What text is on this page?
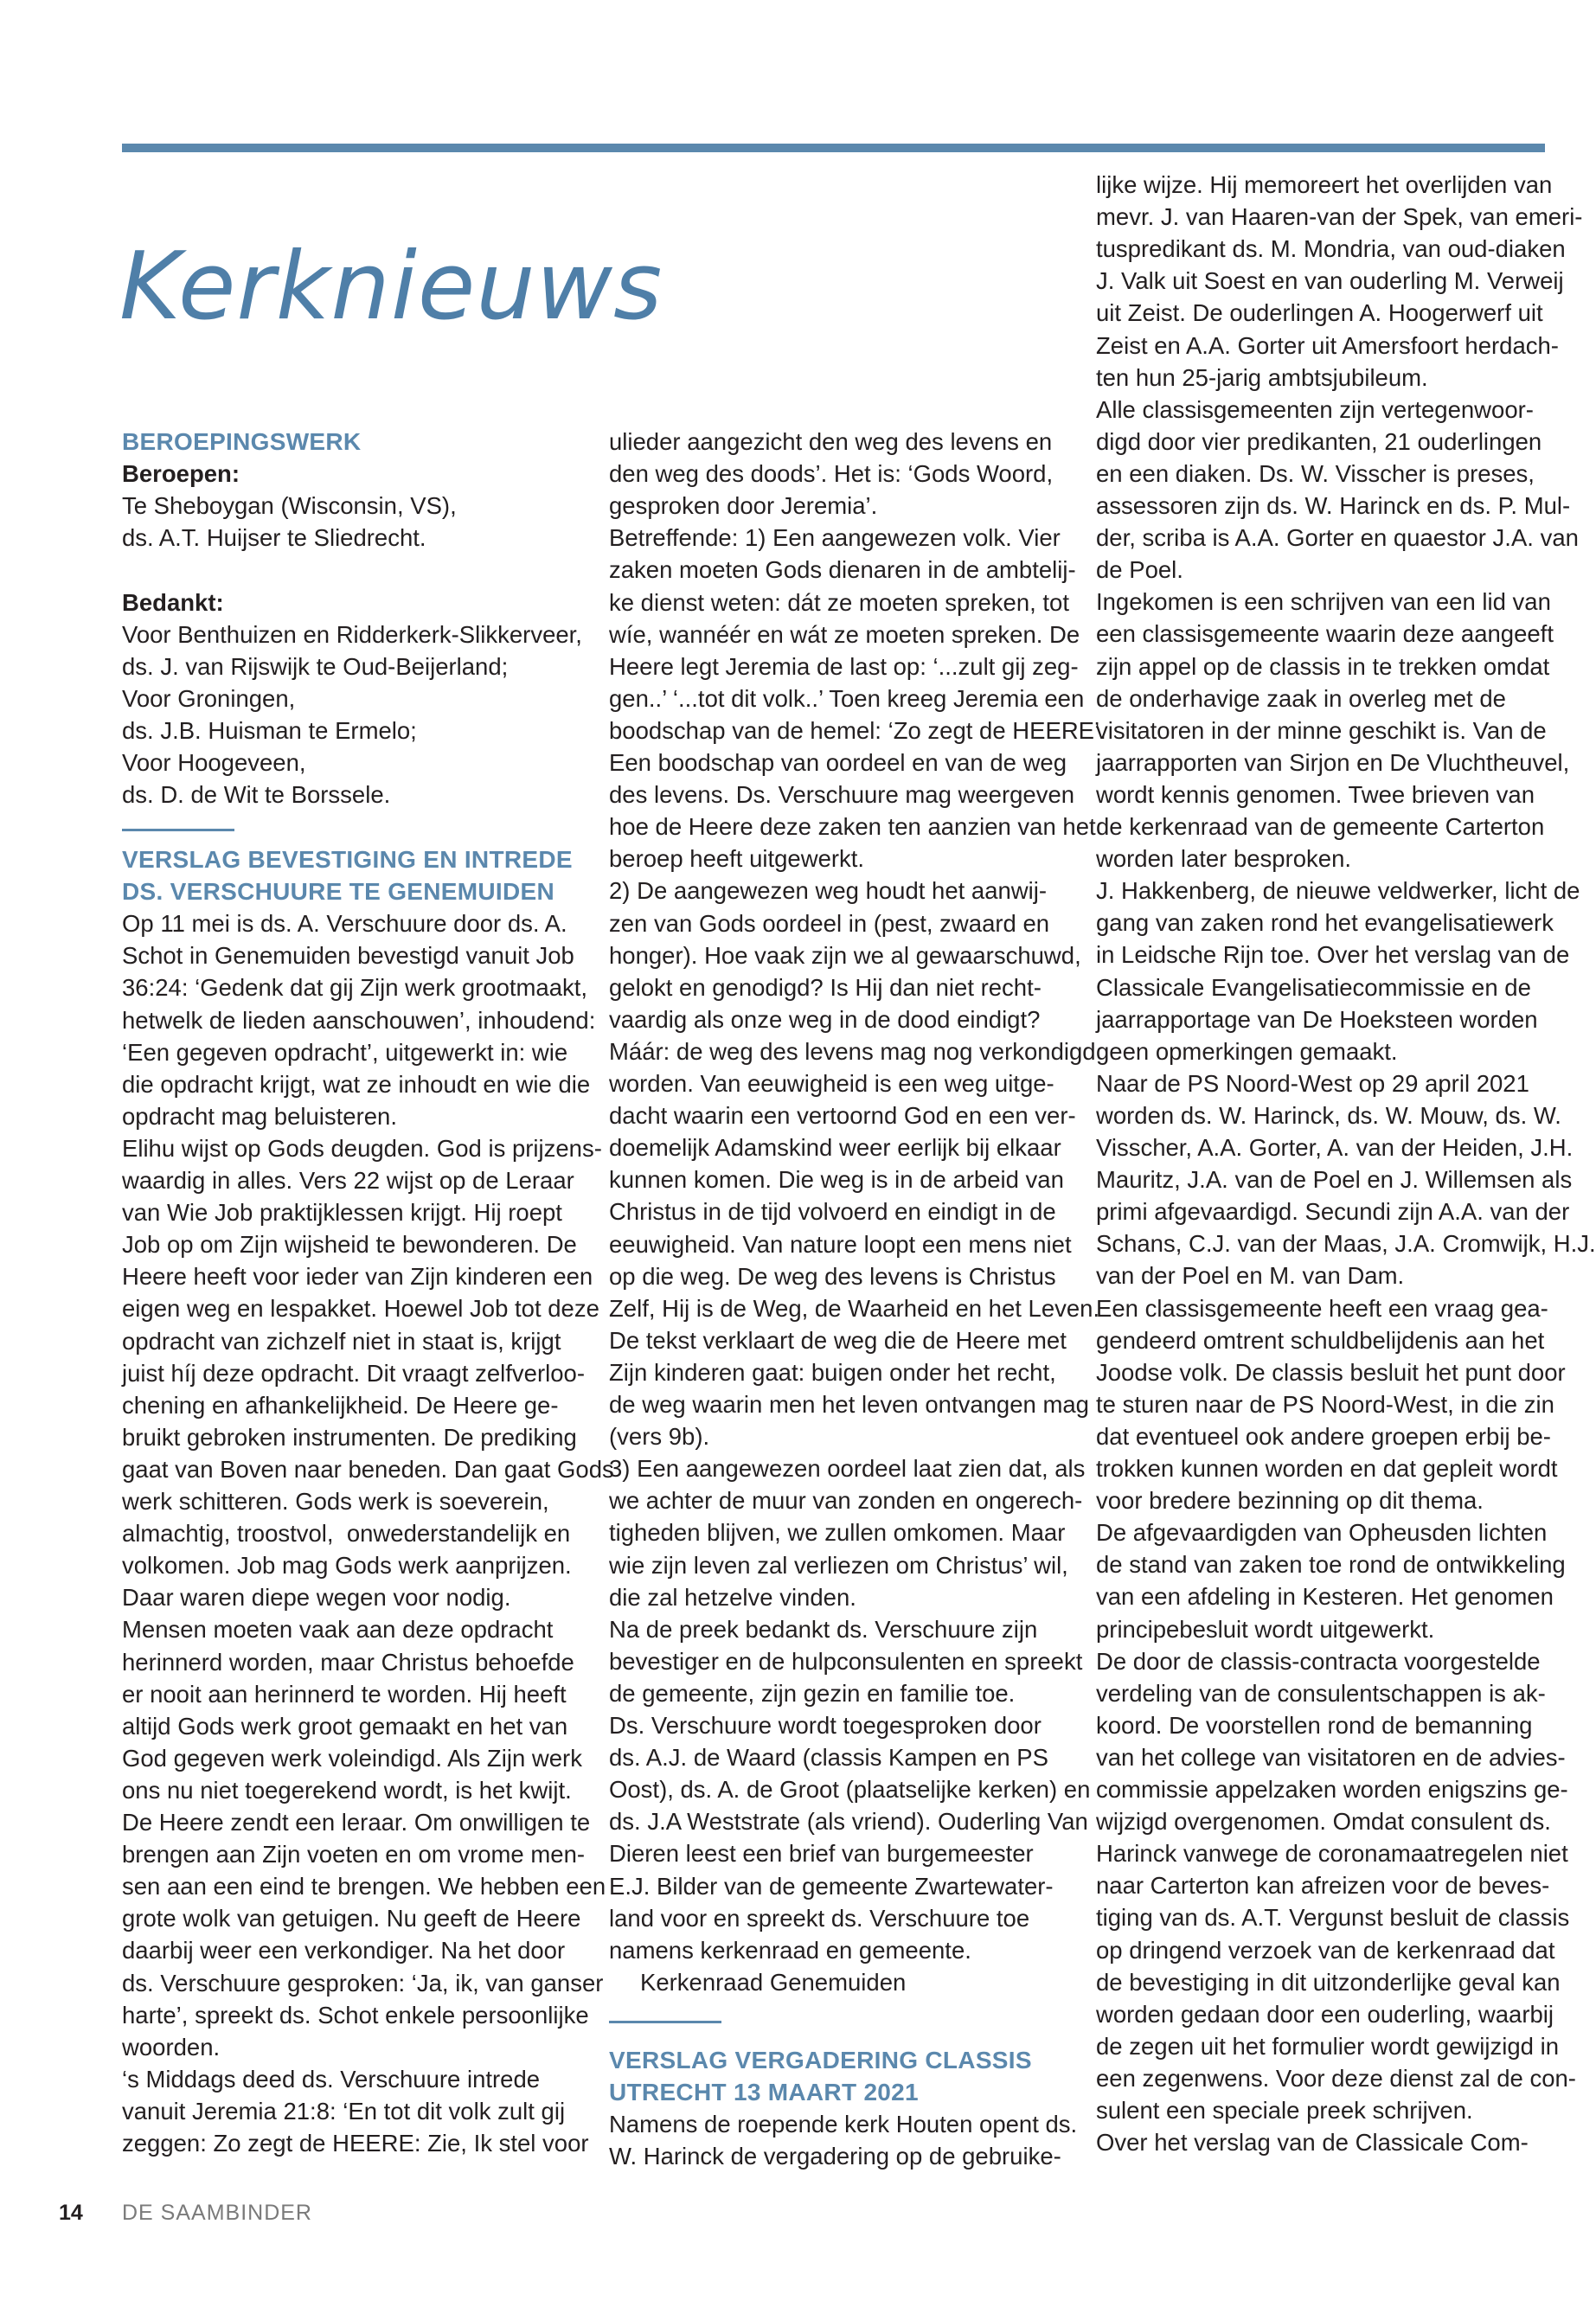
Kerknieuws
BEROEPINGSWERK
Beroepen:
Te Sheboygan (Wisconsin, VS),
ds. A.T. Huijser te Sliedrecht.
Bedankt:
Voor Benthuizen en Ridderkerk-Slikkerveer,
ds. J. van Rijswijk te Oud-Beijerland;
Voor Groningen,
ds. J.B. Huisman te Ermelo;
Voor Hoogeveen,
ds. D. de Wit te Borssele.
VERSLAG BEVESTIGING EN INTREDE
DS. VERSCHUURE TE GENEMUIDEN
Op 11 mei is ds. A. Verschuure door ds. A.
Schot in Genemuiden bevestigd vanuit Job
36:24: ‘Gedenk dat gij Zijn werk grootmaakt,
hetwelk de lieden aanschouwen’, inhoudend:
‘Een gegeven opdracht’, uitgewerkt in: wie
die opdracht krijgt, wat ze inhoudt en wie die
opdracht mag beluisteren.
Elihu wijst op Gods deugden. God is prijzens-
waardig in alles. Vers 22 wijst op de Leraar
van Wie Job praktijklessen krijgt. Hij roept
Job op om Zijn wijsheid te bewonderen. De
Heere heeft voor ieder van Zijn kinderen een
eigen weg en lespakket. Hoewel Job tot deze
opdracht van zichzelf niet in staat is, krijgt
juist híj deze opdracht. Dit vraagt zelfverloo-
chening en afhankelijkheid. De Heere ge-
bruikt gebroken instrumenten. De prediking
gaat van Boven naar beneden. Dan gaat Gods
werk schitteren. Gods werk is soeverein,
almachtig, troostvol,  onwederstandelijk en
volkomen. Job mag Gods werk aanprijzen.
Daar waren diepe wegen voor nodig.
Mensen moeten vaak aan deze opdracht
herinnerd worden, maar Christus behoefde
er nooit aan herinnerd te worden. Hij heeft
altijd Gods werk groot gemaakt en het van
God gegeven werk voleindigd. Als Zijn werk
ons nu niet toegerekend wordt, is het kwijt.
De Heere zendt een leraar. Om onwilligen te
brengen aan Zijn voeten en om vrome men-
sen aan een eind te brengen. We hebben een
grote wolk van getuigen. Nu geeft de Heere
daarbij weer een verkondiger. Na het door
ds. Verschuure gesproken: ‘Ja, ik, van ganser
harte’, spreekt ds. Schot enkele persoonlijke
woorden.
‘s Middags deed ds. Verschuure intrede
vanuit Jeremia 21:8: ‘En tot dit volk zult gij
zeggen: Zo zegt de HEERE: Zie, Ik stel voor
ulieder aangezicht den weg des levens en
den weg des doods’. Het is: ‘Gods Woord,
gesproken door Jeremia’.
Betreffende: 1) Een aangewezen volk. Vier
zaken moeten Gods dienaren in de ambtelij-
ke dienst weten: dát ze moeten spreken, tot
wíe, wannéér en wát ze moeten spreken. De
Heere legt Jeremia de last op: ‘...zult gij zeg-
gen..’ ‘...tot dit volk..’ Toen kreeg Jeremia een
boodschap van de hemel: ‘Zo zegt de HEERE’.
Een boodschap van oordeel en van de weg
des levens. Ds. Verschuure mag weergeven
hoe de Heere deze zaken ten aanzien van het
beroep heeft uitgewerkt.
2) De aangewezen weg houdt het aanwij-
zen van Gods oordeel in (pest, zwaard en
honger). Hoe vaak zijn we al gewaarschuwd,
gelokt en genodigd? Is Hij dan niet recht-
vaardig als onze weg in de dood eindigt?
Máár: de weg des levens mag nog verkondigd
worden. Van eeuwigheid is een weg uitge-
dacht waarin een vertoornd God en een ver-
doemelijk Adamskind weer eerlijk bij elkaar
kunnen komen. Die weg is in de arbeid van
Christus in de tijd volvoerd en eindigt in de
eeuwigheid. Van nature loopt een mens niet
op die weg. De weg des levens is Christus
Zelf, Hij is de Weg, de Waarheid en het Leven.
De tekst verklaart de weg die de Heere met
Zijn kinderen gaat: buigen onder het recht,
de weg waarin men het leven ontvangen mag
(vers 9b).
3) Een aangewezen oordeel laat zien dat, als
we achter de muur van zonden en ongerech-
tigheden blijven, we zullen omkomen. Maar
wie zijn leven zal verliezen om Christus’ wil,
die zal hetzelve vinden.
Na de preek bedankt ds. Verschuure zijn
bevestiger en de hulpconsulenten en spreekt
de gemeente, zijn gezin en familie toe.
Ds. Verschuure wordt toegesproken door
ds. A.J. de Waard (classis Kampen en PS
Oost), ds. A. de Groot (plaatselijke kerken) en
ds. J.A Weststrate (als vriend). Ouderling Van
Dieren leest een brief van burgemeester
E.J. Bilder van de gemeente Zwartewater-
land voor en spreekt ds. Verschuure toe
namens kerkenraad en gemeente.
Kerkenraad Genemuiden
VERSLAG VERGADERING CLASSIS
UTRECHT 13 MAART 2021
Namens de roepende kerk Houten opent ds.
W. Harinck de vergadering op de gebruike-
lijke wijze. Hij memoreert het overlijden van
mevr. J. van Haaren-van der Spek, van emeri-
tuspredikant ds. M. Mondria, van oud-diaken
J. Valk uit Soest en van ouderling M. Verweij
uit Zeist. De ouderlingen A. Hoogerwerf uit
Zeist en A.A. Gorter uit Amersfoort herdach-
ten hun 25-jarig ambtsjubileum.
Alle classisgemeenten zijn vertegenwoor-
digd door vier predikanten, 21 ouderlingen
en een diaken. Ds. W. Visscher is preses,
assessoren zijn ds. W. Harinck en ds. P. Mul-
der, scriba is A.A. Gorter en quaestor J.A. van
de Poel.
Ingekomen is een schrijven van een lid van
een classisgemeente waarin deze aangeeft
zijn appel op de classis in te trekken omdat
de onderhavige zaak in overleg met de
visitatoren in der minne geschikt is. Van de
jaarrapporten van Sirjon en De Vluchtheuvel,
wordt kennis genomen. Twee brieven van
de kerkenraad van de gemeente Carterton
worden later besproken.
J. Hakkenberg, de nieuwe veldwerker, licht de
gang van zaken rond het evangelisatiewerk
in Leidsche Rijn toe. Over het verslag van de
Classicale Evangelisatiecommissie en de
jaarrapportage van De Hoeksteen worden
geen opmerkingen gemaakt.
Naar de PS Noord-West op 29 april 2021
worden ds. W. Harinck, ds. W. Mouw, ds. W.
Visscher, A.A. Gorter, A. van der Heiden, J.H.
Mauritz, J.A. van de Poel en J. Willemsen als
primi afgevaardigd. Secundi zijn A.A. van der
Schans, C.J. van der Maas, J.A. Cromwijk, H.J.
van der Poel en M. van Dam.
Een classisgemeente heeft een vraag gea-
gendeerd omtrent schuldbelijdenis aan het
Joodse volk. De classis besluit het punt door
te sturen naar de PS Noord-West, in die zin
dat eventueel ook andere groepen erbij be-
trokken kunnen worden en dat gepleit wordt
voor bredere bezinning op dit thema.
De afgevaardigden van Opheusden lichten
de stand van zaken toe rond de ontwikkeling
van een afdeling in Kesteren. Het genomen
principebesluit wordt uitgewerkt.
De door de classis-contracta voorgestelde
verdeling van de consulentschappen is ak-
koord. De voorstellen rond de bemanning
van het college van visitatoren en de advies-
commissie appelzaken worden enigszins ge-
wijzigd overgenomen. Omdat consulent ds.
Harinck vanwege de coronamaatregelen niet
naar Carterton kan afreizen voor de beves-
tiging van ds. A.T. Vergunst besluit de classis
op dringend verzoek van de kerkenraad dat
de bevestiging in dit uitzonderlijke geval kan
worden gedaan door een ouderling, waarbij
de zegen uit het formulier wordt gewijzigd in
een zegenwens. Voor deze dienst zal de con-
sulent een speciale preek schrijven.
Over het verslag van de Classicale Com-
14 DE SAAMBINDER
